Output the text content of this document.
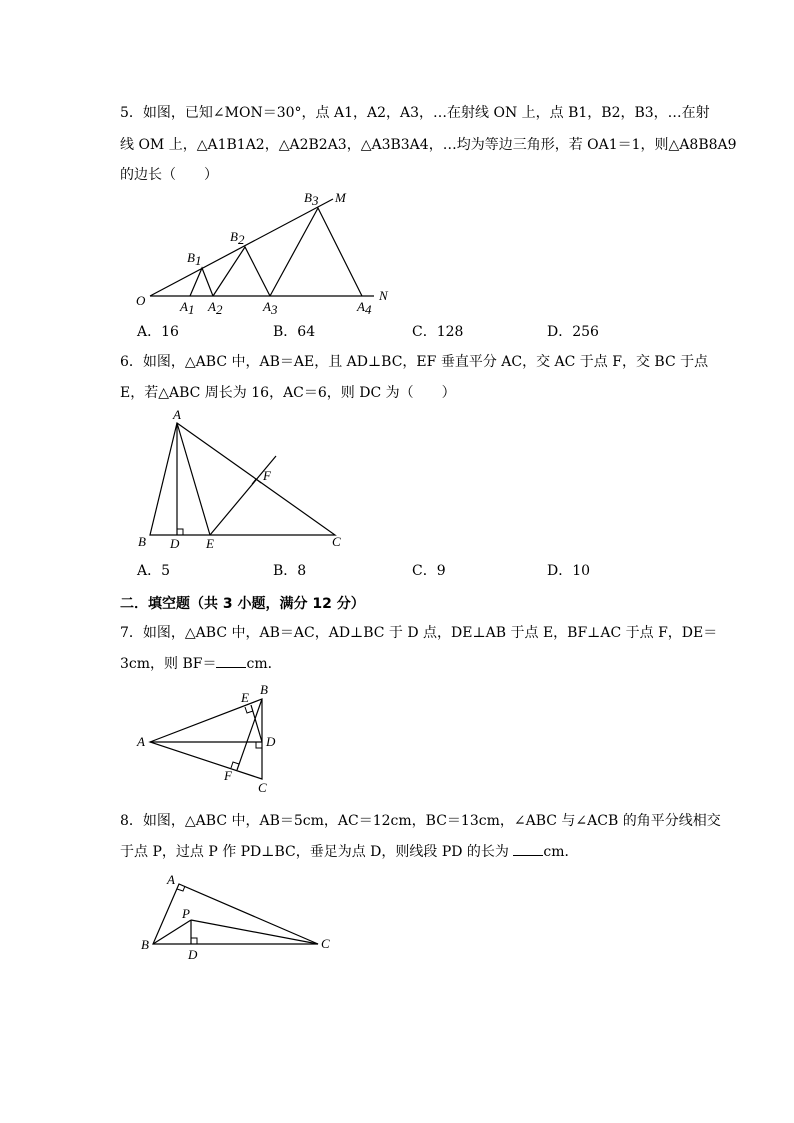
5．如图，已知∠MON＝30°，点 A1，A2，A3，…在射线 ON 上，点 B1，B2，B3，…在射
线 OM 上，△A1B1A2，△A2B2A3，△A3B3A4，…均为等边三角形，若 OA1＝1，则△A8B8A9
的边长（　　）
O
M
N
A1 A2	A3	A4
B1
B2
B3
A．16	B．64	C．128	D．256
6．如图，△ABC 中，AB＝AE，且 AD⊥BC，EF 垂直平分 AC，交 AC 于点 F，交 BC 于点
E，若△ABC 周长为 16，AC＝6，则 DC 为（　　）
A
B	C
D E
F
A．5	B．8	C．9	D．10
二．填空题（共 3 小题，满分 12 分）
7．如图，△ABC 中，AB＝AC，AD⊥BC 于 D 点，DE⊥AB 于点 E，BF⊥AC 于点 F，DE＝
3cm，则 BF＝ cm．
A
B
C
D
E
F
8．如图，△ABC 中，AB＝5cm，AC＝12cm，BC＝13cm，∠ABC 与∠ACB 的角平分线相交
于点 P，过点 P 作 PD⊥BC，垂足为点 D，则线段 PD 的长为 cm．
A
B	C
D
P
